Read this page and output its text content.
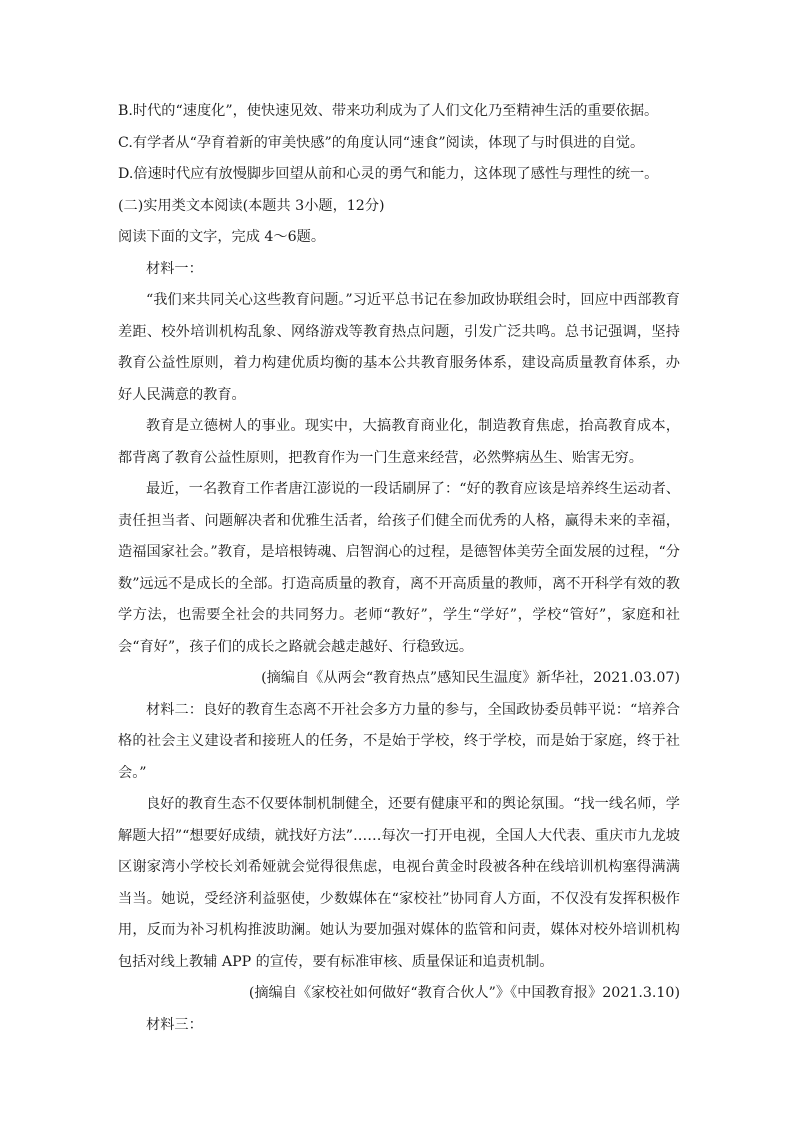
B.时代的“速度化”，使快速见效、带来功利成为了人们文化乃至精神生活的重要依据。

C.有学者从“孕育着新的审美快感”的角度认同“速食”阅读，体现了与时俱进的自觉。

D.倍速时代应有放慢脚步回望从前和心灵的勇气和能力，这体现了感性与理性的统一。

(二)实用类文本阅读(本题共 3小题，12分)

阅读下面的文字，完成 4～6题。

材料一：

“我们来共同关心这些教育问题。”习近平总书记在参加政协联组会时，回应中西部教育差距、校外培训机构乱象、网络游戏等教育热点问题，引发广泛共鸣。总书记强调，坚持教育公益性原则，着力构建优质均衡的基本公共教育服务体系，建设高质量教育体系，办好人民满意的教育。

教育是立德树人的事业。现实中，大搞教育商业化，制造教育焦虑，抬高教育成本，都背离了教育公益性原则，把教育作为一门生意来经营，必然弊病丛生、贻害无穷。

最近，一名教育工作者唐江澎说的一段话刷屏了：“好的教育应该是培养终生运动者、责任担当者、问题解决者和优雅生活者，给孩子们健全而优秀的人格，赢得未来的幸福，造福国家社会。”教育，是培根铸魂、启智润心的过程，是德智体美劳全面发展的过程，“分数”远远不是成长的全部。打造高质量的教育，离不开高质量的教师，离不开科学有效的教学方法，也需要全社会的共同努力。老师“教好”，学生“学好”，学校“管好”，家庭和社会“育好”，孩子们的成长之路就会越走越好、行稳致远。

(摘编自《从两会“教育热点”感知民生温度》新华社，2021.03.07)

材料二：良好的教育生态离不开社会多方力量的参与，全国政协委员韩平说：“培养合格的社会主义建设者和接班人的任务，不是始于学校，终于学校，而是始于家庭，终于社会。”

良好的教育生态不仅要体制机制健全，还要有健康平和的舆论氛围。“找一线名师，学解题大招”“想要好成绩，就找好方法”……每次一打开电视，全国人大代表、重庆市九龙坡区谢家湾小学校长刘希娅就会觉得很焦虑，电视台黄金时段被各种在线培训机构塞得满满当当。她说，受经济利益驱使，少数媒体在“家校社”协同育人方面，不仅没有发挥积极作用，反而为补习机构推波助澜。她认为要加强对媒体的监管和问责，媒体对校外培训机构包括对线上教辅 APP 的宣传，要有标准审核、质量保证和追责机制。

(摘编自《家校社如何做好“教育合伙人”》《中国教育报》2021.3.10)

材料三：
